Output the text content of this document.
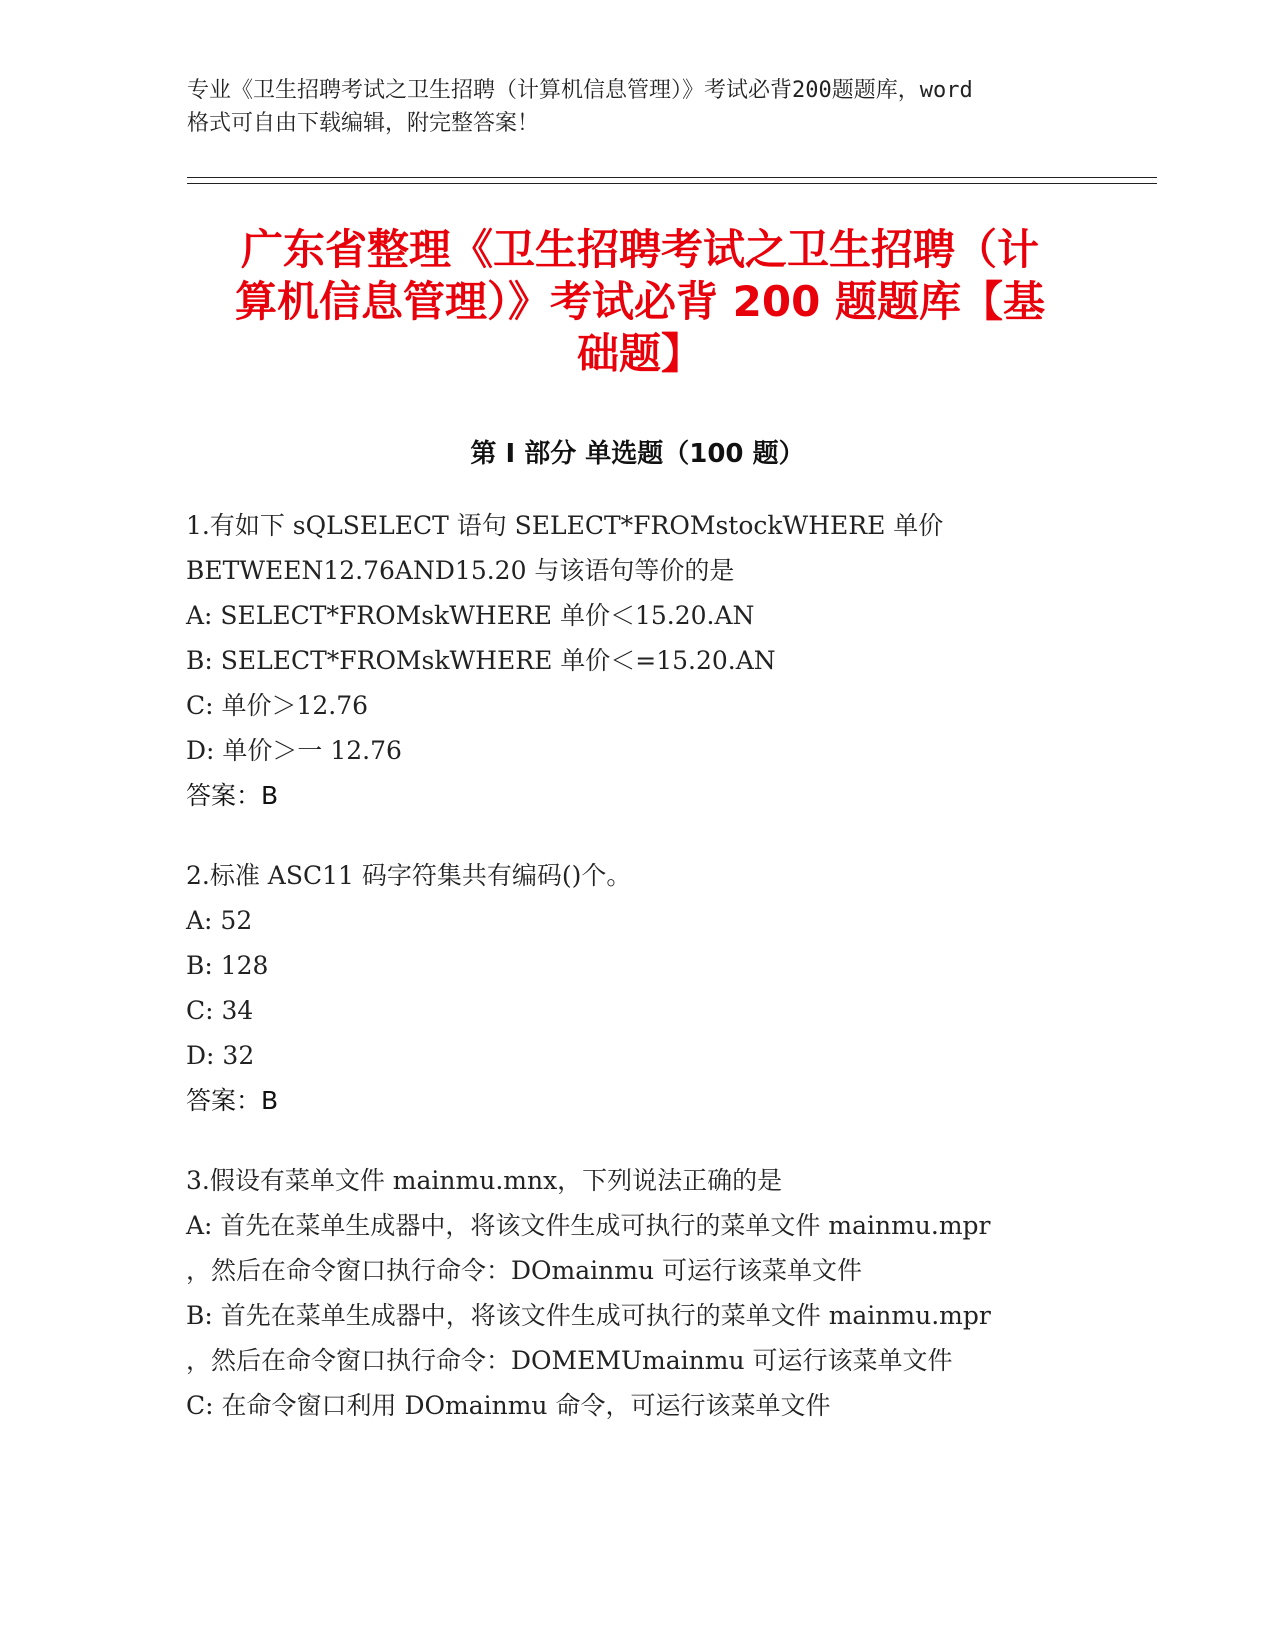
专业《卫生招聘考试之卫生招聘（计算机信息管理）》考试必背200题题库，word
格式可自由下载编辑，附完整答案！
广东省整理《卫生招聘考试之卫生招聘（计
算机信息管理）》考试必背 200 题题库【基
础题】
第 I 部分 单选题（100 题）
1.有如下 sQLSELECT 语句 SELECT*FROMstockWHERE 单价
BETWEEN12.76AND15.20 与该语句等价的是
A: SELECT*FROMskWHERE 单价＜15.20.AN
B: SELECT*FROMskWHERE 单价＜=15.20.AN
C: 单价＞12.76
D: 单价＞一 12.76
答案：B
2.标准 ASC11 码字符集共有编码()个。
A: 52
B: 128
C: 34
D: 32
答案：B
3.假设有菜单文件 mainmu.mnx，下列说法正确的是
A: 首先在菜单生成器中，将该文件生成可执行的菜单文件 mainmu.mpr
，然后在命令窗口执行命令：DOmainmu 可运行该菜单文件
B: 首先在菜单生成器中，将该文件生成可执行的菜单文件 mainmu.mpr
，然后在命令窗口执行命令：DOMEMUmainmu 可运行该菜单文件
C: 在命令窗口利用 DOmainmu 命令，可运行该菜单文件
